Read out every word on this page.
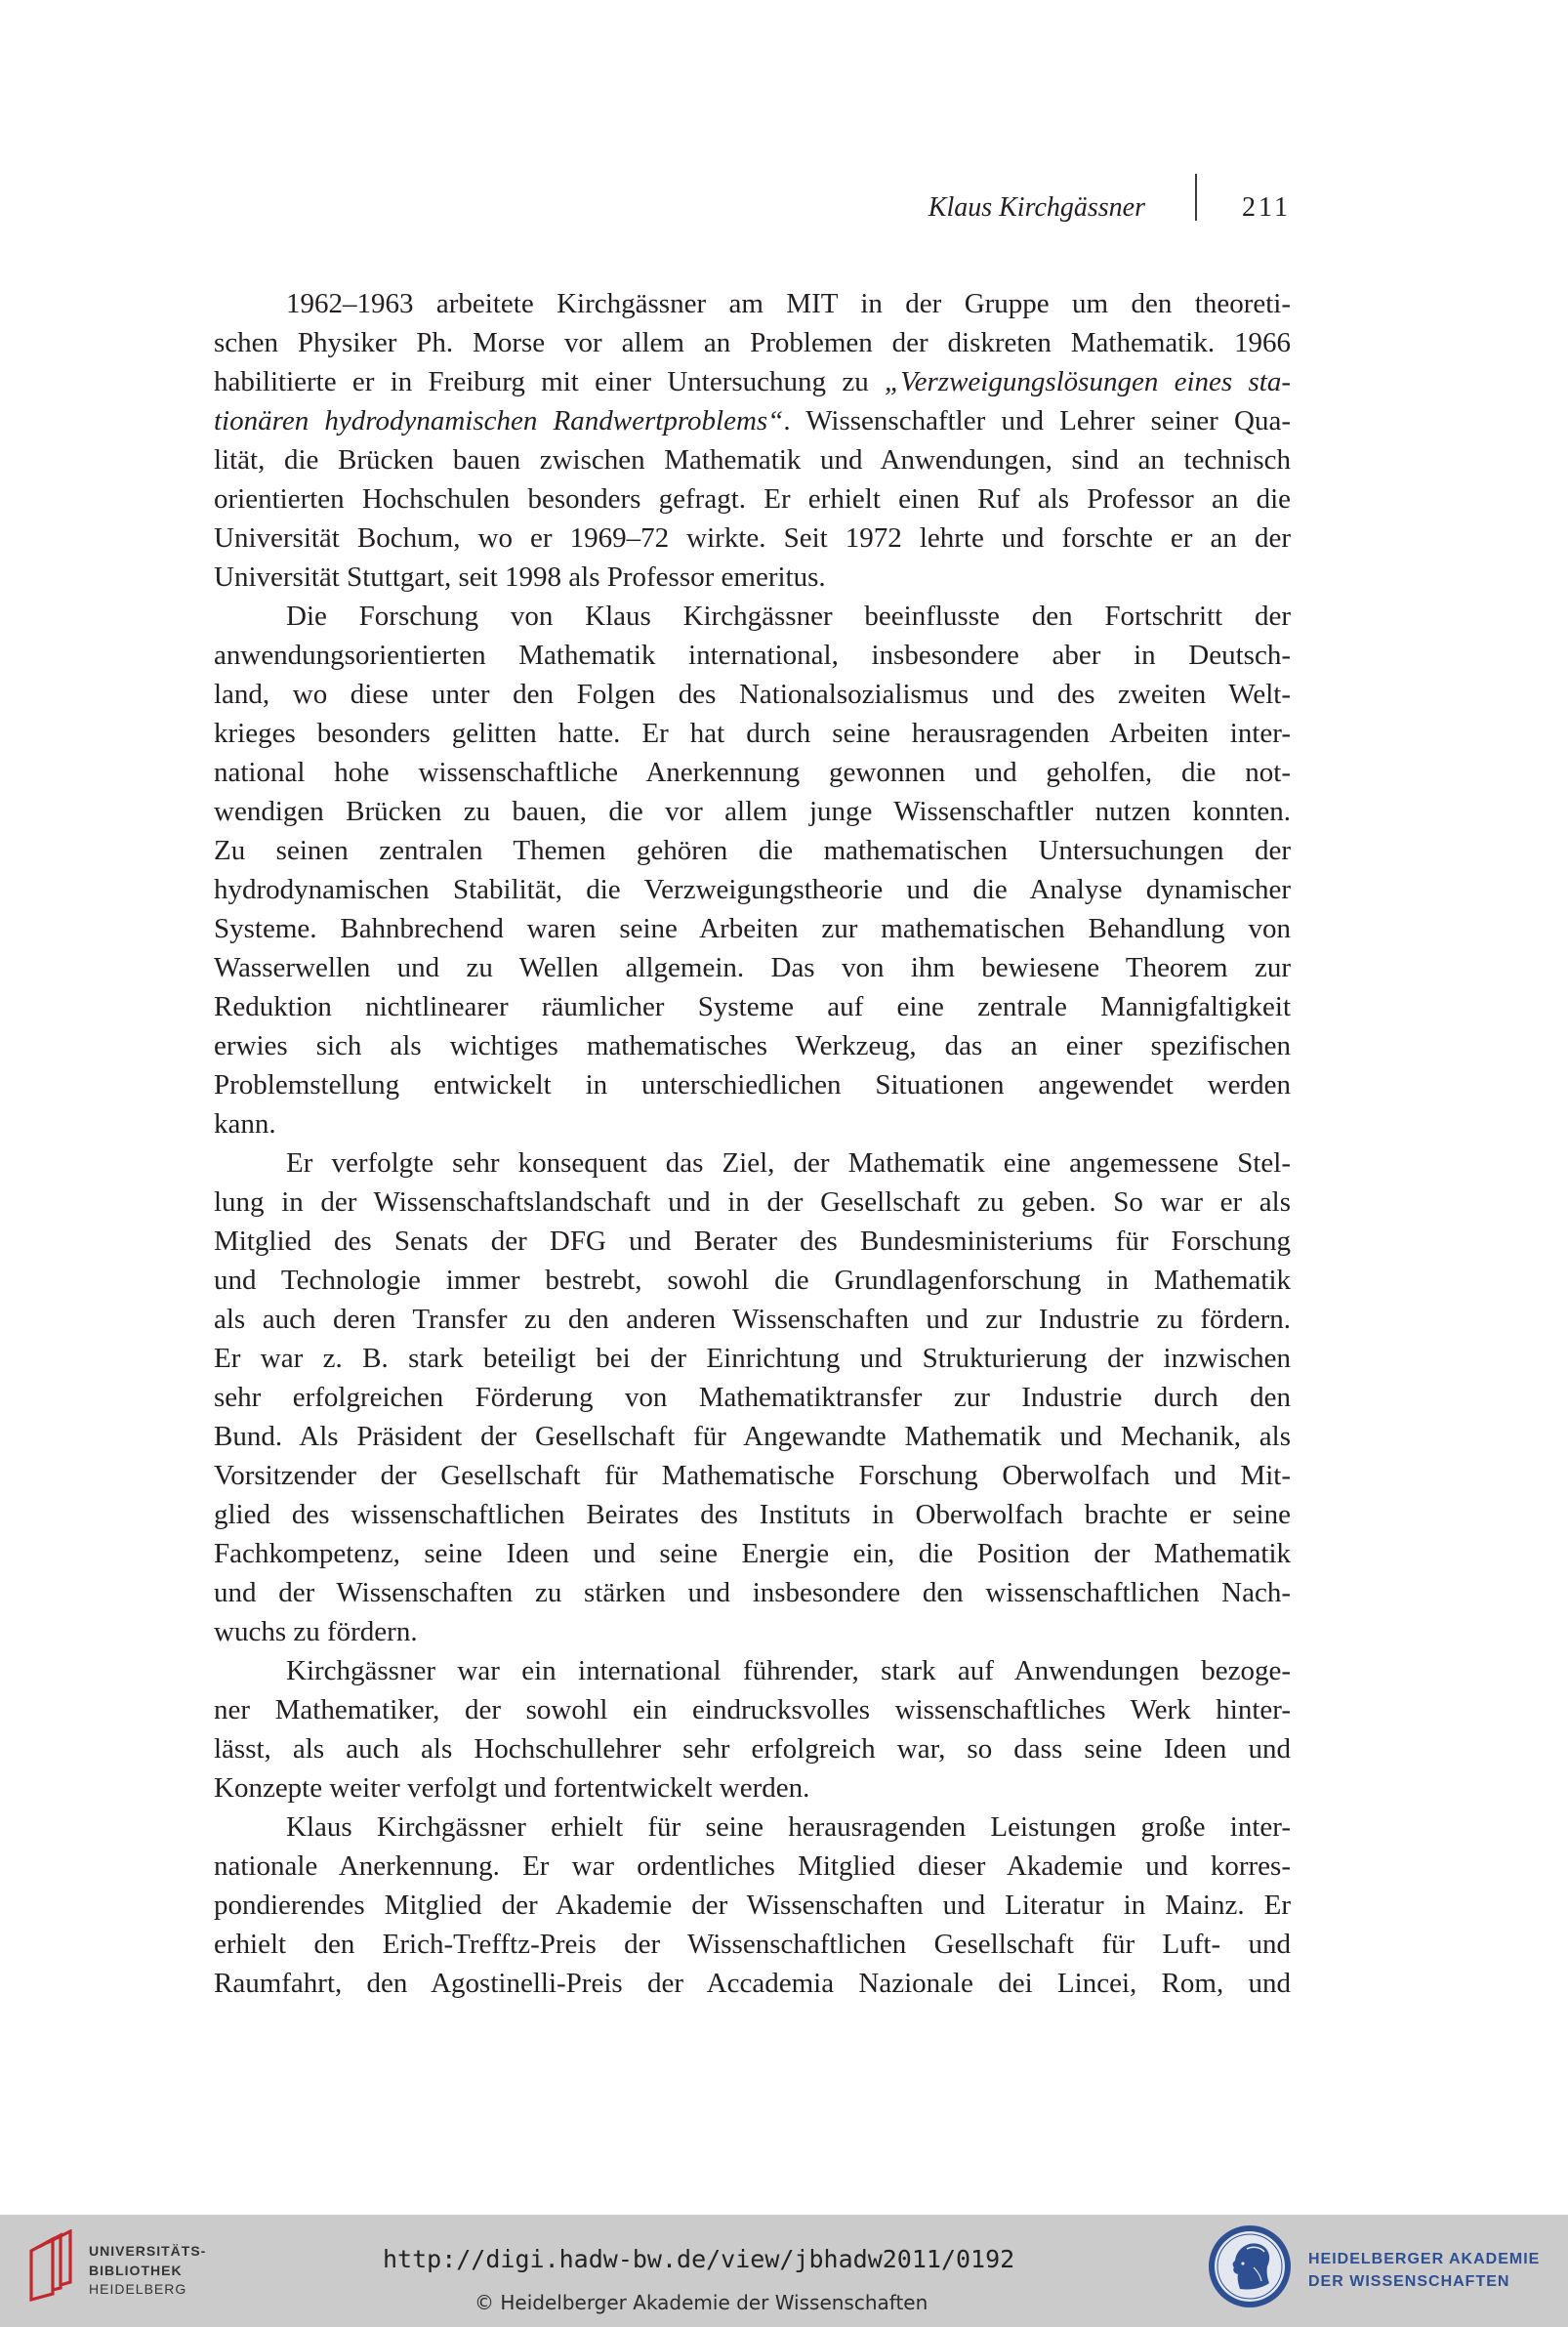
Klaus Kirchgässner	211
1962–1963 arbeitete Kirchgässner am MIT in der Gruppe um den theoreti-
schen Physiker Ph. Morse vor allem an Problemen der diskreten Mathematik. 1966
habilitierte er in Freiburg mit einer Untersuchung zu „Verzweigungslösungen eines sta-
tionären hydrodynamischen Randwertproblems“. Wissenschaftler und Lehrer seiner Qua-
lität, die Brücken bauen zwischen Mathematik und Anwendungen, sind an technisch
orientierten Hochschulen besonders gefragt. Er erhielt einen Ruf als Professor an die
Universität Bochum, wo er 1969–72 wirkte. Seit 1972 lehrte und forschte er an der
Universität Stuttgart, seit 1998 als Professor emeritus.
Die Forschung von Klaus Kirchgässner beeinflusste den Fortschritt der
anwendungsorientierten Mathematik international, insbesondere aber in Deutsch-
land, wo diese unter den Folgen des Nationalsozialismus und des zweiten Welt-
krieges besonders gelitten hatte. Er hat durch seine herausragenden Arbeiten inter-
national hohe wissenschaftliche Anerkennung gewonnen und geholfen, die not-
wendigen Brücken zu bauen, die vor allem junge Wissenschaftler nutzen konnten.
Zu seinen zentralen Themen gehören die mathematischen Untersuchungen der
hydrodynamischen Stabilität, die Verzweigungstheorie und die Analyse dynamischer
Systeme. Bahnbrechend waren seine Arbeiten zur mathematischen Behandlung von
Wasserwellen und zu Wellen allgemein. Das von ihm bewiesene Theorem zur
Reduktion nichtlinearer räumlicher Systeme auf eine zentrale Mannigfaltigkeit
erwies sich als wichtiges mathematisches Werkzeug, das an einer spezifischen
Problemstellung entwickelt in unterschiedlichen Situationen angewendet werden
kann.
Er verfolgte sehr konsequent das Ziel, der Mathematik eine angemessene Stel-
lung in der Wissenschaftslandschaft und in der Gesellschaft zu geben. So war er als
Mitglied des Senats der DFG und Berater des Bundesministeriums für Forschung
und Technologie immer bestrebt, sowohl die Grundlagenforschung in Mathematik
als auch deren Transfer zu den anderen Wissenschaften und zur Industrie zu fördern.
Er war z. B. stark beteiligt bei der Einrichtung und Strukturierung der inzwischen
sehr erfolgreichen Förderung von Mathematiktransfer zur Industrie durch den
Bund. Als Präsident der Gesellschaft für Angewandte Mathematik und Mechanik, als
Vorsitzender der Gesellschaft für Mathematische Forschung Oberwolfach und Mit-
glied des wissenschaftlichen Beirates des Instituts in Oberwolfach brachte er seine
Fachkompetenz, seine Ideen und seine Energie ein, die Position der Mathematik
und der Wissenschaften zu stärken und insbesondere den wissenschaftlichen Nach-
wuchs zu fördern.
Kirchgässner war ein international führender, stark auf Anwendungen bezoge-
ner Mathematiker, der sowohl ein eindrucksvolles wissenschaftliches Werk hinter-
lässt, als auch als Hochschullehrer sehr erfolgreich war, so dass seine Ideen und
Konzepte weiter verfolgt und fortentwickelt werden.
Klaus Kirchgässner erhielt für seine herausragenden Leistungen große inter-
nationale Anerkennung. Er war ordentliches Mitglied dieser Akademie und korres-
pondierendes Mitglied der Akademie der Wissenschaften und Literatur in Mainz. Er
erhielt den Erich-Trefftz-Preis der Wissenschaftlichen Gesellschaft für Luft- und
Raumfahrt, den Agostinelli-Preis der Accademia Nazionale dei Lincei, Rom, und
UNIVERSITÄTS-
BIBLIOTHEK
HEIDELBERG
http://digi.hadw-bw.de/view/jbhadw2011/0192
© Heidelberger Akademie der Wissenschaften
HEIDELBERGER AKADEMIE
DER WISSENSCHAFTEN
